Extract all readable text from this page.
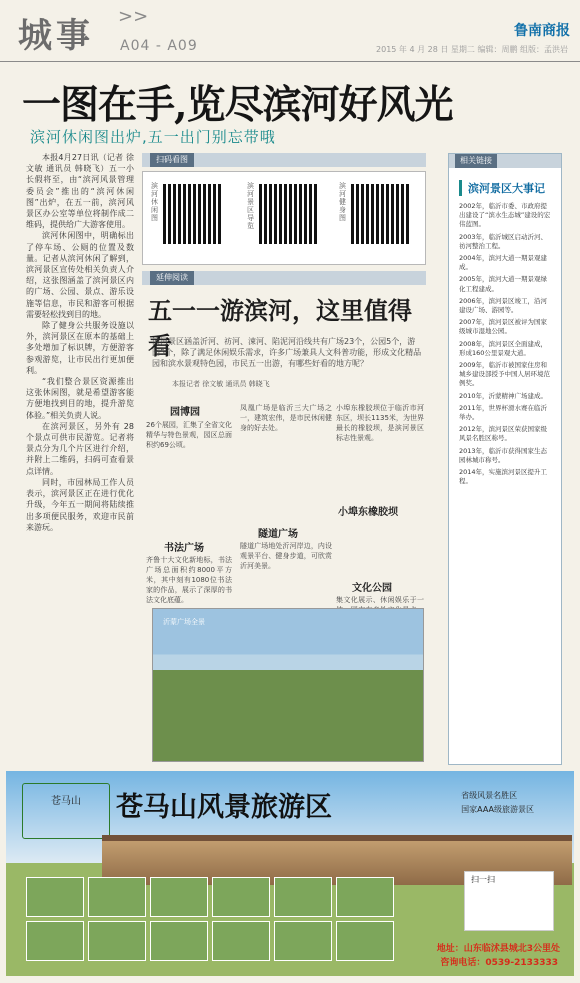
城事 >>
A04 - A09
鲁南商报
2015 年 4 月 28 日 星期二 编辑：周鹏 组版：孟洪岩
一图在手,览尽滨河好风光
滨河休闲图出炉,五一出门别忘带哦

本报4月27日讯（记者 徐文敏 通讯员 韩晓飞）五一小长假将至，由“滨河风景管理委员会”推出的“滨河休闲图”出炉，在五一前，滨河风景区办公室等单位将制作成二维码，提供给广大游客使用。

滨河休闲图中，明确标出了停车场、公厕的位置及数量。记者从滨河休闲了解到，滨河景区宣传处相关负责人介绍，这张图涵盖了滨河景区内的广场、公园、景点、游乐设施等信息，市民和游客可根据需要轻松找到目的地。

除了健身公共服务设施以外，滨河景区在原本的基础上多处增加了标识牌，方便游客参观游览，让市民出行更加便利。

“我们整合景区资源推出这张休闲图，就是希望游客能方便地找到目的地，提升游览体验。”相关负责人说。

在滨河景区，另外有 28 个景点可供市民游览。记者将景点分为几个片区进行介绍，并附上二维码，扫码可查看景点详情。

同时，市园林局工作人员表示，滨河景区正在进行优化升级，今年五一期间将陆续推出多项便民服务，欢迎市民前来游玩。

扫码看图
滨河休闲图
滨河景区导览
滨河健身图
延伸阅读
五一一游滨河，这里值得看
滨河景区涵盖沂河、祊河、涑河、陷泥河沿线共有广场23个，公园5个，游园5个，除了满足休闲娱乐需求，许多广场兼具人文科普功能，形成文化精品园和滨水景观特色园，市民五一出游，有哪些好看的地方呢？
本报记者 徐文敏 通讯员 韩晓飞
园博园
26个展园，汇集了全省文化精华与特色景观，园区总面积约69公顷。
书法广场
齐鲁十大文化新地标，书法广场总面积约8000平方米，其中刻有1080位书法家的作品，展示了深厚的书法文化底蕴。
凤凰广场是临沂三大广场之一，建筑宏伟，是市民休闲健身的好去处。
隧道广场
隧道广场地处沂河岸边，内设观景平台、健身步道，可欣赏沂河美景。
小埠东橡胶坝
小埠东橡胶坝位于临沂市河东区，坝长1135米，为世界最长的橡胶坝，是滨河景区标志性景观。
文化公园
集文化展示、休闲娱乐于一
沂蒙广场全景
相关链接
滨河景区大事记

2002年，临沂市委、市政府提出建设了“滨水生态城”建设的宏伟蓝图。

2003年，临沂城区启动沂河、祊河整治工程。

2004年，滨河大道一期景观建成。

2005年，滨河大道一期景观绿化工程建成。

2006年，滨河景区竣工，沿河建设广场、游园等。

2007年，滨河景区被评为国家级城市湿地公园。

2008年，滨河景区全面建成，形成160公里景观大道。

2009年，临沂市被国家住房和城乡建设部授予中国人居环境范例奖。

2010年，沂蒙精神广场建成。

2011年，世界杯滑水赛在临沂举办。

2012年，滨河景区荣获国家级风景名胜区称号。

2013年，临沂市获得国家生态园林城市称号。

2014年，实施滨河景区提升工程。

苍马山	苍马山风景旅游区	省级风景名胜区
国家AAA级旅游景区
扫一扫
地址：山东临沭县城北3公里处
咨询电话：0539-2133333
